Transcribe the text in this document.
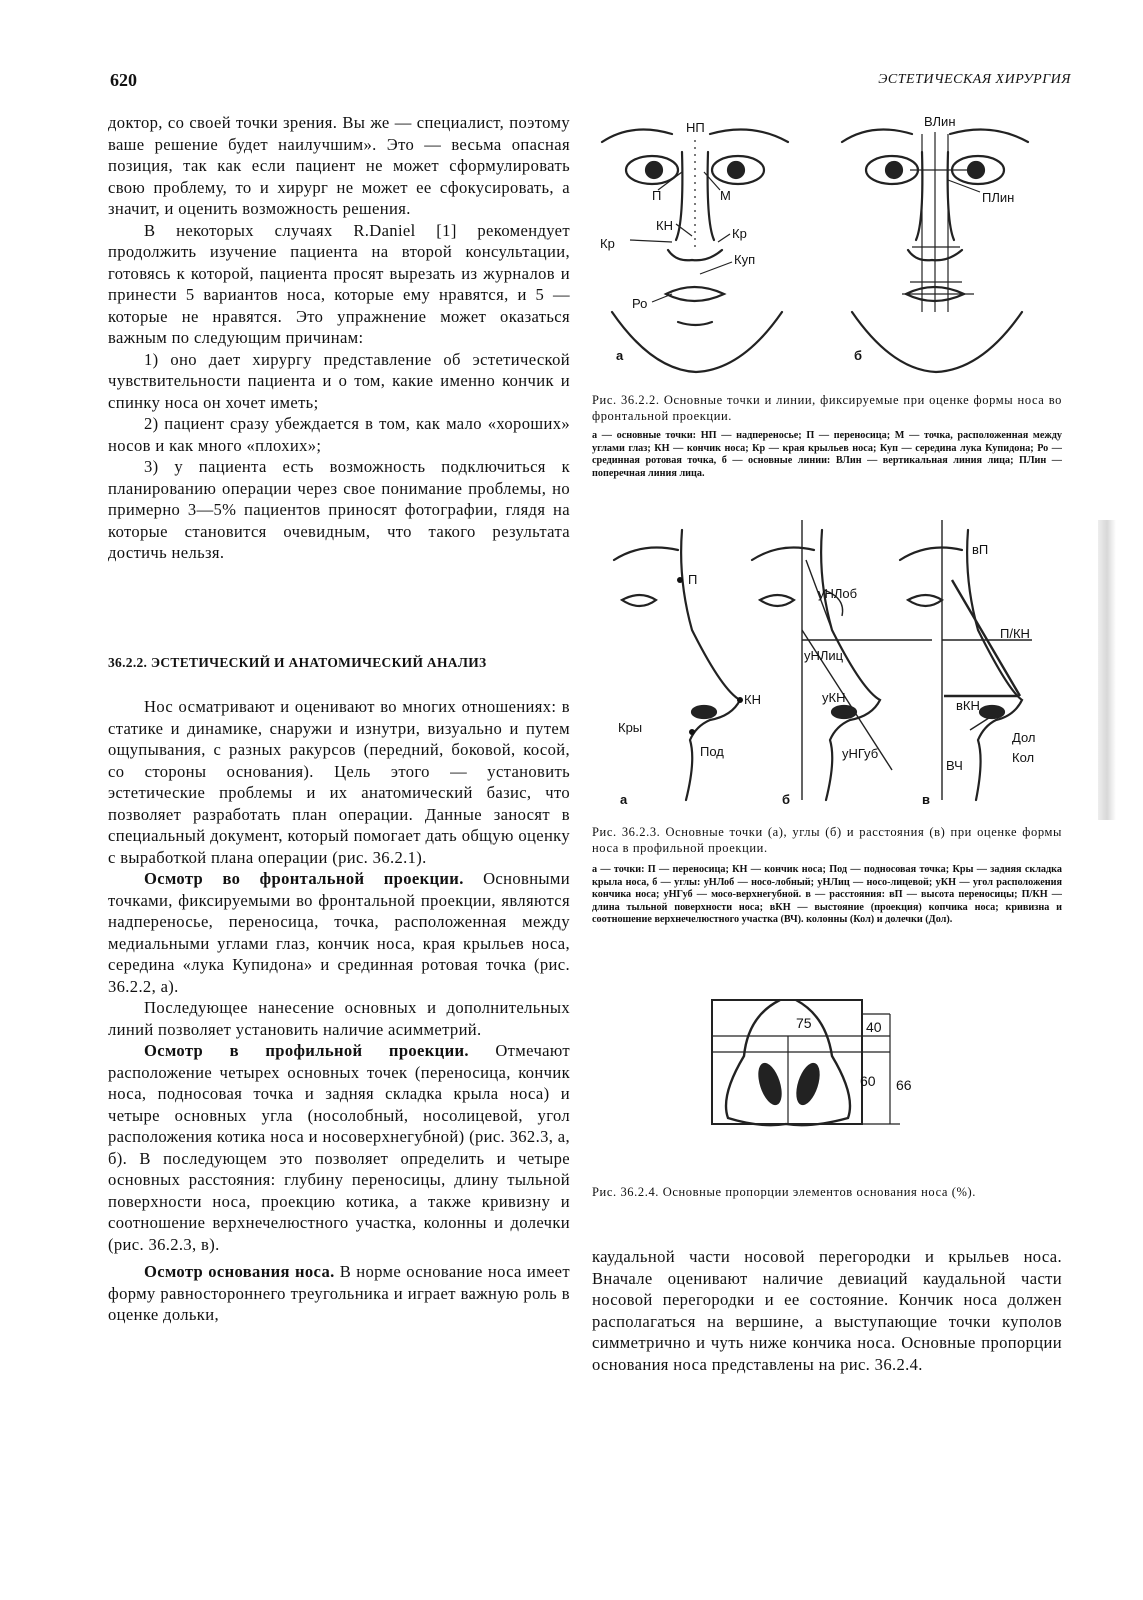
620	ЭСТЕТИЧЕСКАЯ ХИРУРГИЯ

доктор, со своей точки зрения. Вы же — специалист, поэтому ваше решение будет наилучшим». Это — весьма опасная позиция, так как если пациент не может сформулировать свою проблему, то и хирург не может ее сфокусировать, а значит, и оценить возможность решения.

В некоторых случаях R.Daniel [1] рекомендует продолжить изучение пациента на второй консультации, готовясь к которой, пациента просят вырезать из журналов и принести 5 вариантов носа, которые ему нравятся, и 5 — которые не нравятся. Это упражнение может оказаться важным по следующим причинам:

1) оно дает хирургу представление об эстетической чувствительности пациента и о том, какие именно кончик и спинку носа он хочет иметь;

2) пациент сразу убеждается в том, как мало «хороших» носов и как много «плохих»;

3) у пациента есть возможность подключиться к планированию операции через свое понимание проблемы, но примерно 3—5% пациентов приносят фотографии, глядя на которые становится очевидным, что такого результата достичь нельзя.

36.2.2. ЭСТЕТИЧЕСКИЙ И АНАТОМИЧЕСКИЙ АНАЛИЗ

Нос осматривают и оценивают во многих отношениях: в статике и динамике, снаружи и изнутри, визуально и путем ощупывания, с разных ракурсов (передний, боковой, косой, со стороны основания). Цель этого — установить эстетические проблемы и их анатомический базис, что позволяет разработать план операции. Данные заносят в специальный документ, который помогает дать общую оценку с выработкой плана операции (рис. 36.2.1).

Осмотр во фронтальной проекции. Основными точками, фиксируемыми во фронтальной проекции, являются надпереносье, переносица, точка, расположенная между медиальными углами глаз, кончик носа, края крыльев носа, середина «лука Купидона» и срединная ротовая точка (рис. 36.2.2, а).

Последующее нанесение основных и дополнительных линий позволяет установить наличие асимметрий.

Осмотр в профильной проекции. Отмечают расположение четырех основных точек (переносица, кончик носа, подносовая точка и задняя складка крыла носа) и четыре основных угла (носолобный, носолицевой, угол расположения котика носа и носоверхнегубной) (рис. 362.3, а, б). В последующем это позволяет определить и четыре основных расстояния: глубину переносицы, длину тыльной поверхности носа, проекцию котика, а также кривизну и соотношение верхнечелюстного участка, колонны и долечки (рис. 36.2.3, в).

Осмотр основания носа. В норме основание носа имеет форму равностороннего треугольника и играет важную роль в оценке дольки,

НП
П	М
КН
Кр
Кр
Куп
Ро
а	б
ВЛин
ПЛин

Рис. 36.2.2. Основные точки и линии, фиксируемые при оценке формы носа во фронтальной проекции.

а — основные точки: НП — надпереносье; П — переносица; М — точка, расположенная между углами глаз; КН — кончик носа; Кр — края крыльев носа; Куп — середина лука Купидона; Ро — срединная ротовая точка, б — основные линии: ВЛин — вертикальная линия лица; ПЛин — поперечная линия лица.

П
КН
Кры
Под
а
уНЛоб
уНЛиц
уКН
уНГуб
б
вП
П/КН
вКН
Дол
Кол
ВЧ
в

Рис. 36.2.3. Основные точки (а), углы (б) и расстояния (в) при оценке формы носа в профильной проекции.

а — точки: П — переносица; КН — кончик носа; Под — подносовая точка; Кры — задняя складка крыла носа, б — углы: уНЛоб — носо-лобный; уНЛиц — носо-лицевой; уКН — угол расположения кончика носа; уНГуб — мосо-верхнегубной. в — расстояния: вП — высота переносицы; П/КН — длина тыльной поверхности носа; вКН — выстояние (проекция) копчика носа; кривизна и соотношение верхнечелюстного участка (ВЧ). колонны (Кол) и долечки (Дол).

75	40
60 66

Рис. 36.2.4. Основные пропорции элементов основания носа (%).

каудальной части носовой перегородки и крыльев носа. Вначале оценивают наличие девиаций каудальной части носовой перегородки и ее состояние. Кончик носа должен располагаться на вершине, а выступающие точки куполов симметрично и чуть ниже кончика носа. Основные пропорции основания носа представлены на рис. 36.2.4.
